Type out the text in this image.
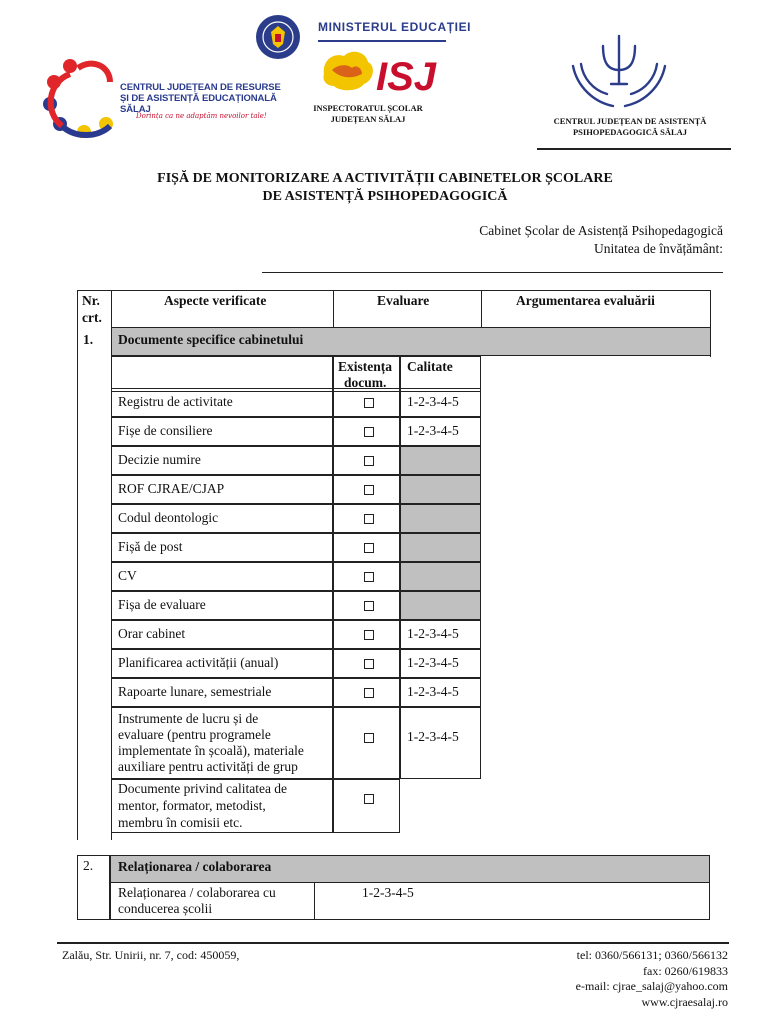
CENTRUL JUDEȚEAN DE RESURSE
ȘI DE ASISTENȚĂ EDUCAȚIONALĂ SĂLAJ
Dorința ca ne adaptăm nevoilor tale!
MINISTERUL EDUCAȚIEI
ISJ
INSPECTORATUL ȘCOLAR
JUDEȚEAN SĂLAJ	CENTRUL JUDEȚEAN DE ASISTENȚĂ
PSIHOPEDAGOGICĂ SĂLAJ
FIȘĂ DE MONITORIZARE A ACTIVITĂȚII CABINETELOR ȘCOLARE
DE ASISTENȚĂ PSIHOPEDAGOGICĂ
Cabinet Școlar de Asistență Psihopedagogică
Unitatea de învățământ:
Nr.
crt.
Aspecte verificate	Evaluare	Argumentarea evaluării
1. Documente specifice cabinetului
Existența
docum.
Calitate
Registru de activitate	1-2-3-4-5
Fișe de consiliere	1-2-3-4-5
Decizie numire
ROF CJRAE/CJAP
Codul deontologic
Fișă de post
CV
Fișa de evaluare
Orar cabinet	1-2-3-4-5
Planificarea activității (anual)	1-2-3-4-5
Rapoarte lunare, semestriale	1-2-3-4-5
Instrumente de lucru și de
evaluare (pentru programele
implementate în școală), materiale
auxiliare pentru activități de grup
1-2-3-4-5
Documente privind calitatea de
mentor, formator, metodist,
membru în comisii etc.
2. Relaționarea / colaborarea
Relaționarea / colaborarea cu
conducerea școlii
1-2-3-4-5
Zalău, Str. Unirii, nr. 7, cod: 450059,	tel: 0360/566131; 0360/566132
fax: 0260/619833
e-mail: cjrae_salaj@yahoo.com
www.cjraesalaj.ro
